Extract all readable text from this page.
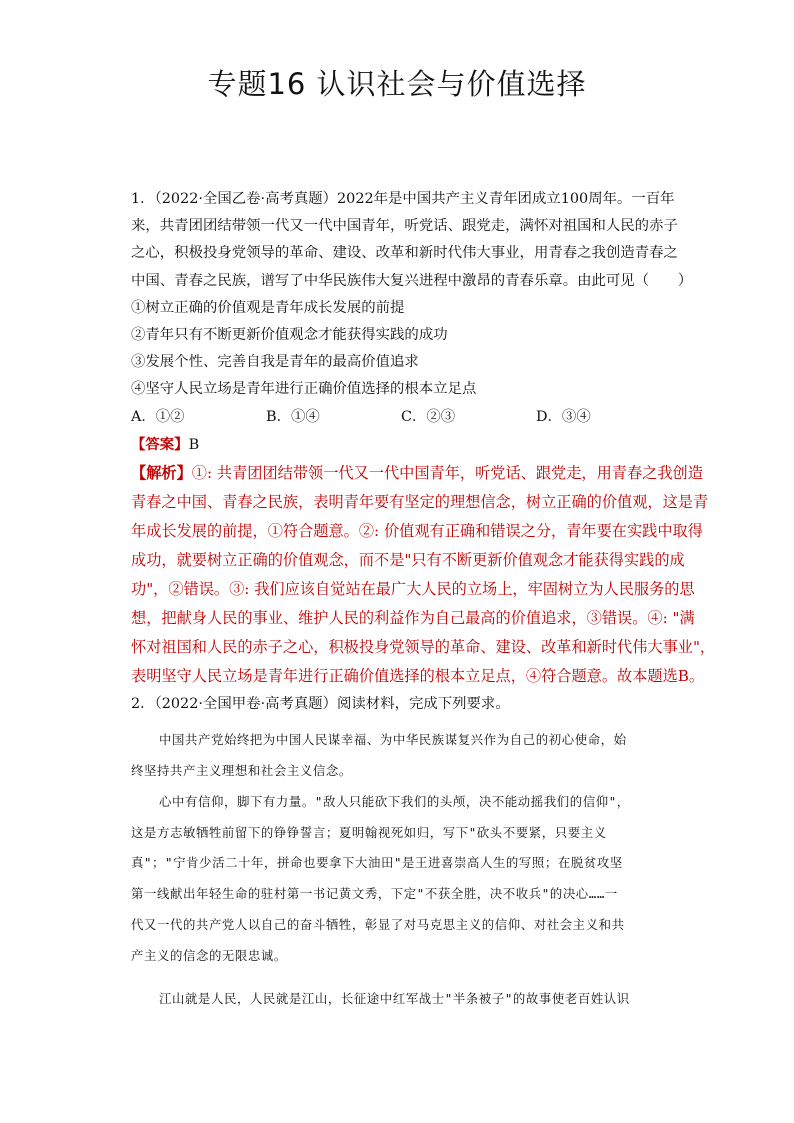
专题16 认识社会与价值选择
1．（2022·全国乙卷·高考真题）2022年是中国共产主义青年团成立100周年。一百年
来，共青团团结带领一代又一代中国青年，听党话、跟党走，满怀对祖国和人民的赤子
之心，积极投身党领导的革命、建设、改革和新时代伟大事业，用青春之我创造青春之
中国、青春之民族，谱写了中华民族伟大复兴进程中激昂的青春乐章。由此可见（　　）
①树立正确的价值观是青年成长发展的前提
②青年只有不断更新价值观念才能获得实践的成功
③发展个性、完善自我是青年的最高价值追求
④坚守人民立场是青年进行正确价值选择的根本立足点
A．①②	B．①④	C．②③	D．③④
【答案】B
【解析】①: 共青团团结带领一代又一代中国青年，听党话、跟党走，用青春之我创造
青春之中国、青春之民族，表明青年要有坚定的理想信念，树立正确的价值观，这是青
年成长发展的前提，①符合题意。②: 价值观有正确和错误之分，青年要在实践中取得
成功，就要树立正确的价值观念，而不是"只有不断更新价值观念才能获得实践的成
功"，②错误。③: 我们应该自觉站在最广大人民的立场上，牢固树立为人民服务的思
想，把献身人民的事业、维护人民的利益作为自己最高的价值追求，③错误。④: "满
怀对祖国和人民的赤子之心，积极投身党领导的革命、建设、改革和新时代伟大事业"，
表明坚守人民立场是青年进行正确价值选择的根本立足点，④符合题意。故本题选B。
2．（2022·全国甲卷·高考真题）阅读材料，完成下列要求。
中国共产党始终把为中国人民谋幸福、为中华民族谋复兴作为自己的初心使命，始
终坚持共产主义理想和社会主义信念。
心中有信仰，脚下有力量。"敌人只能砍下我们的头颅，决不能动摇我们的信仰"，
这是方志敏牺牲前留下的铮铮誓言；夏明翰视死如归，写下"砍头不要紧，只要主义
真"；"宁肯少活二十年，拼命也要拿下大油田"是王进喜崇高人生的写照；在脱贫攻坚
第一线献出年轻生命的驻村第一书记黄文秀，下定"不获全胜，决不收兵"的决心……一
代又一代的共产党人以自己的奋斗牺牲，彰显了对马克思主义的信仰、对社会主义和共
产主义的信念的无限忠诚。
江山就是人民，人民就是江山，长征途中红军战士"半条被子"的故事使老百姓认识
